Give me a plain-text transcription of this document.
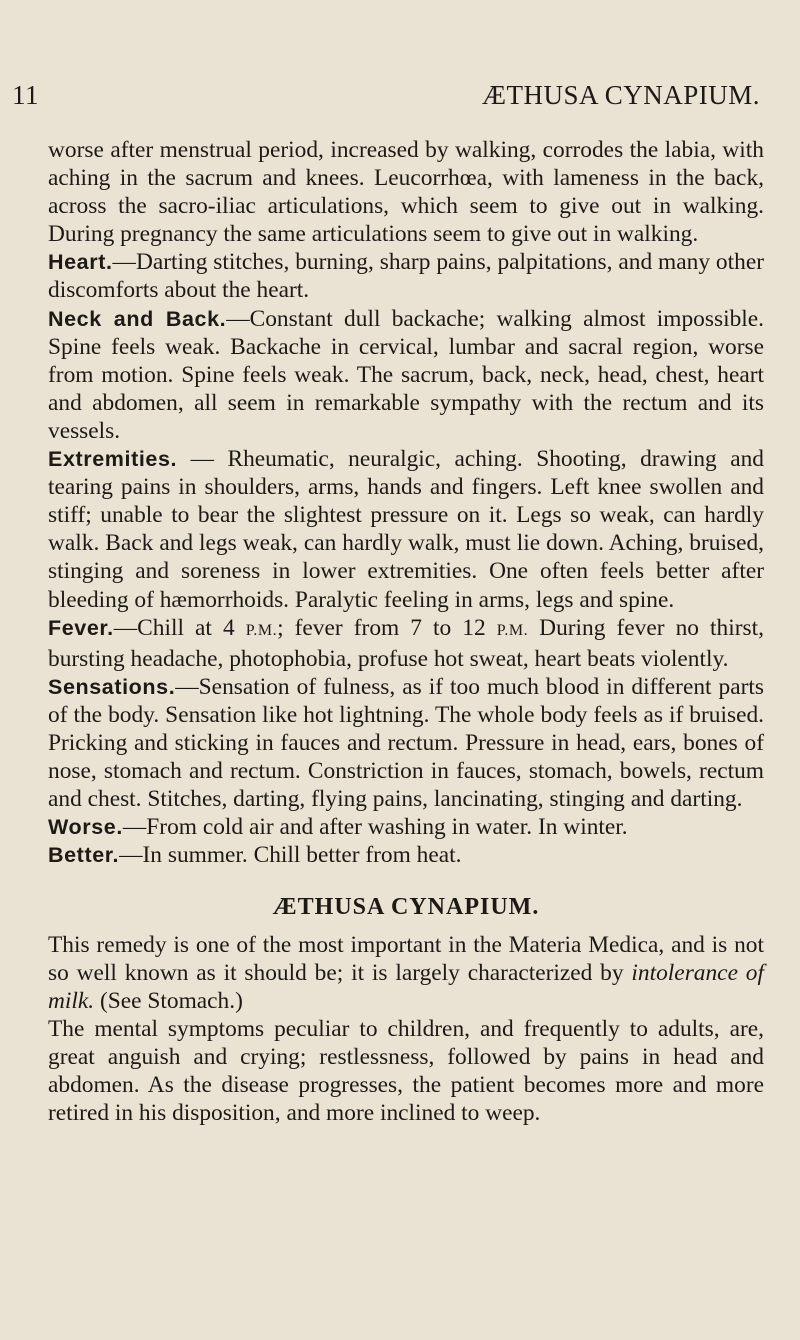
11	ÆTHUSA CYNAPIUM.

worse after menstrual period, increased by walking, corrodes the labia, with aching in the sacrum and knees. Leucorrhœa, with lameness in the back, across the sacro-iliac articulations, which seem to give out in walking. During pregnancy the same articulations seem to give out in walking.

Heart.—Darting stitches, burning, sharp pains, palpitations, and many other discomforts about the heart.

Neck and Back.—Constant dull backache; walking almost impossible. Spine feels weak. Backache in cervical, lumbar and sacral region, worse from motion. Spine feels weak. The sacrum, back, neck, head, chest, heart and abdomen, all seem in remarkable sympathy with the rectum and its vessels.

Extremities. — Rheumatic, neuralgic, aching. Shooting, drawing and tearing pains in shoulders, arms, hands and fingers. Left knee swollen and stiff; unable to bear the slightest pressure on it. Legs so weak, can hardly walk. Back and legs weak, can hardly walk, must lie down. Aching, bruised, stinging and soreness in lower extremities. One often feels better after bleeding of hæmorrhoids. Paralytic feeling in arms, legs and spine.

Fever.—Chill at 4 P.M.; fever from 7 to 12 P.M. During fever no thirst, bursting headache, photophobia, profuse hot sweat, heart beats violently.

Sensations.—Sensation of fulness, as if too much blood in different parts of the body. Sensation like hot lightning. The whole body feels as if bruised. Pricking and sticking in fauces and rectum. Pressure in head, ears, bones of nose, stomach and rectum. Constriction in fauces, stomach, bowels, rectum and chest. Stitches, darting, flying pains, lancinating, stinging and darting.

Worse.—From cold air and after washing in water. In winter.

Better.—In summer. Chill better from heat.

ÆTHUSA CYNAPIUM.

This remedy is one of the most important in the Materia Medica, and is not so well known as it should be; it is largely characterized by intolerance of milk. (See Stomach.)

The mental symptoms peculiar to children, and frequently to adults, are, great anguish and crying; restlessness, followed by pains in head and abdomen. As the disease progresses, the patient becomes more and more retired in his disposition, and more inclined to weep.
